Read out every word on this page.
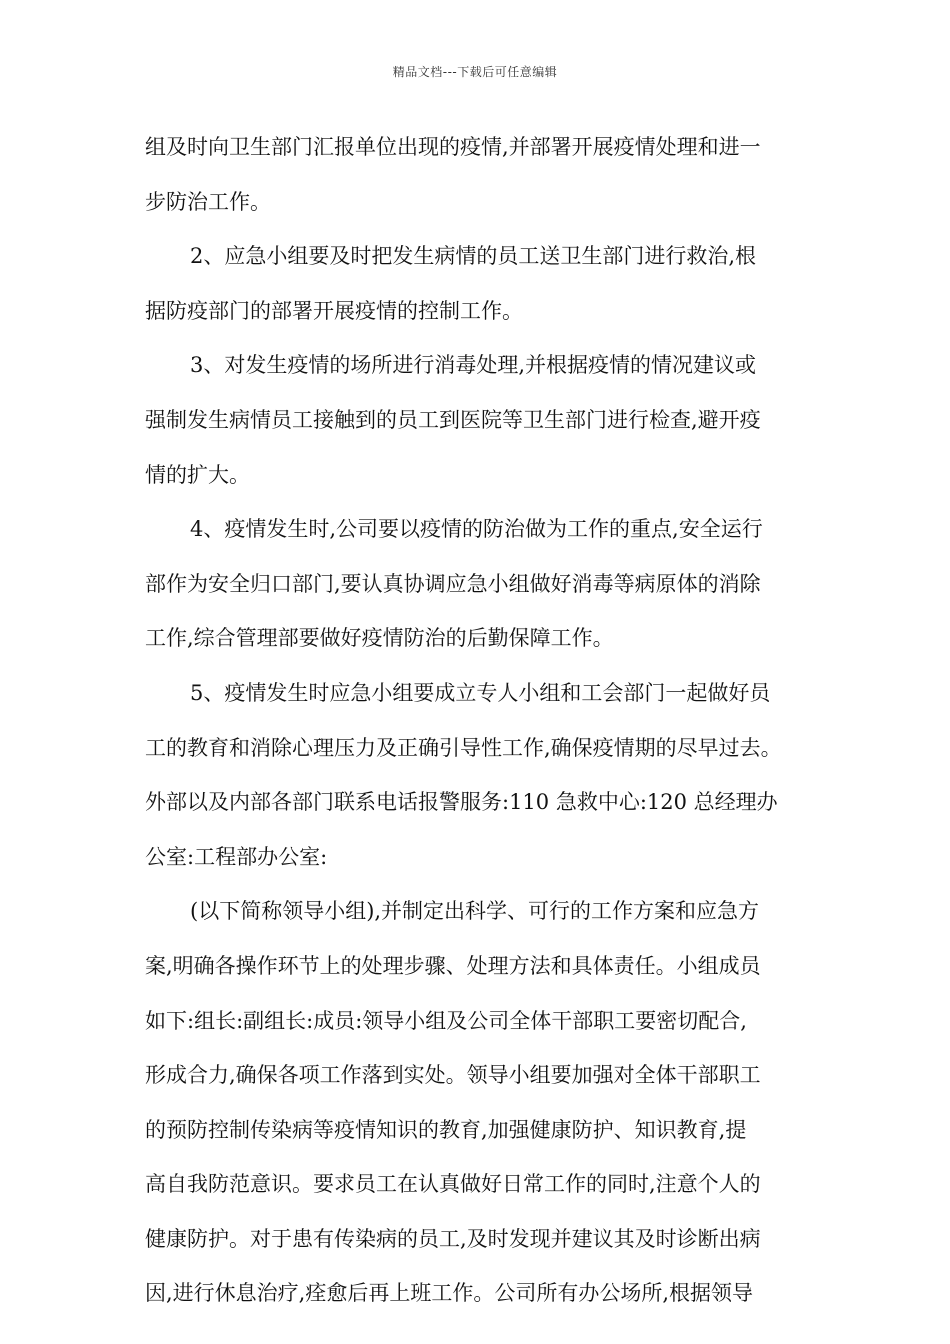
精品文档---下载后可任意编辑
组及时向卫生部门汇报单位出现的疫情,并部署开展疫情处理和进一
步防治工作。
2、应急小组要及时把发生病情的员工送卫生部门进行救治,根
据防疫部门的部署开展疫情的控制工作。
3、对发生疫情的场所进行消毒处理,并根据疫情的情况建议或
强制发生病情员工接触到的员工到医院等卫生部门进行检查,避开疫
情的扩大。
4、疫情发生时,公司要以疫情的防治做为工作的重点,安全运行
部作为安全归口部门,要认真协调应急小组做好消毒等病原体的消除
工作,综合管理部要做好疫情防治的后勤保障工作。
5、疫情发生时应急小组要成立专人小组和工会部门一起做好员
工的教育和消除心理压力及正确引导性工作,确保疫情期的尽早过去。
外部以及内部各部门联系电话报警服务:110 急救中心:120 总经理办
公室:工程部办公室:
(以下简称领导小组),并制定出科学、可行的工作方案和应急方
案,明确各操作环节上的处理步骤、处理方法和具体责任。小组成员
如下:组长:副组长:成员:领导小组及公司全体干部职工要密切配合,
形成合力,确保各项工作落到实处。领导小组要加强对全体干部职工
的预防控制传染病等疫情知识的教育,加强健康防护、知识教育,提
高自我防范意识。要求员工在认真做好日常工作的同时,注意个人的
健康防护。对于患有传染病的员工,及时发现并建议其及时诊断出病
因,进行休息治疗,痊愈后再上班工作。公司所有办公场所,根据领导
